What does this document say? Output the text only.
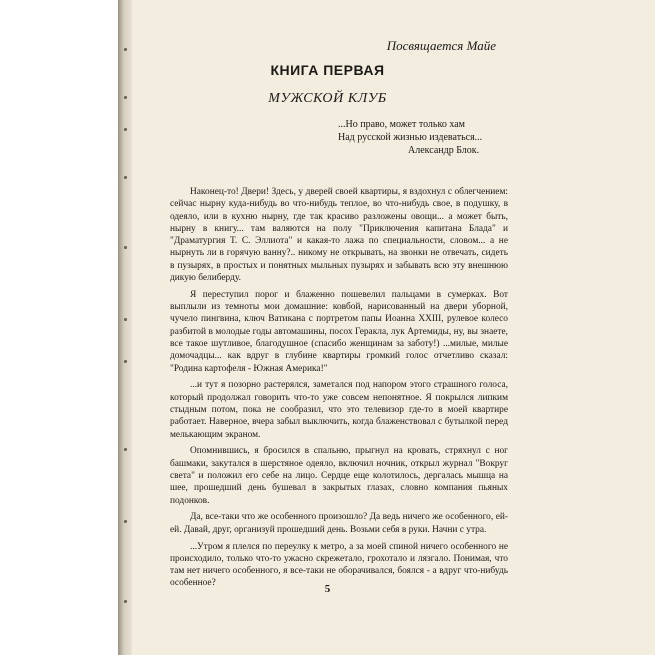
Посвящается Майе
КНИГА ПЕРВАЯ
МУЖСКОЙ КЛУБ
...Но право, может только хам
Над русской жизнью издеваться...
Александр Блок.

Наконец-то! Двери! Здесь, у дверей своей квартиры, я вздохнул с облегчением: сейчас нырну куда-нибудь во что-нибудь теплое, во что-нибудь свое, в подушку, в одеяло, или в кухню нырну, где так красиво разложены овощи... а может быть, нырну в книгу... там валяются на полу "Приключения капитана Блада" и "Драматургия Т. С. Эллиота" и какая-то лажа по специальности, словом... а не нырнуть ли в горячую ванну?.. никому не открывать, на звонки не отвечать, сидеть в пузырях, в простых и понятных мыльных пузырях и забывать всю эту внешнюю дикую белиберду.

Я переступил порог и блаженно пошевелил пальцами в сумерках. Вот выплыли из темноты мои домашние: ковбой, нарисованный на двери уборной, чучело пингвина, ключ Ватикана с портретом папы Иоанна XXIII, рулевое колесо разбитой в молодые годы автомашины, посох Геракла, лук Артемиды, ну, вы знаете, все такое шутливое, благодушное (спасибо женщинам за заботу!) ...милые, милые домочадцы... как вдруг в глубине квартиры громкий голос отчетливо сказал: "Родина картофеля - Южная Америка!"

...и тут я позорно растерялся, заметался под напором этого страшного голоса, который продолжал говорить что-то уже совсем непонятное. Я покрылся липким стыдным потом, пока не сообразил, что это телевизор где-то в моей квартире работает. Наверное, вчера забыл выключить, когда блаженствовал с бутылкой перед мелькающим экраном.

Опомнившись, я бросился в спальню, прыгнул на кровать, стряхнул с ног башмаки, закутался в шерстяное одеяло, включил ночник, открыл журнал "Вокруг света" и положил его себе на лицо. Сердце еще колотилось, дергалась мышца на шее, прошедший день бушевал в закрытых глазах, словно компания пьяных подонков.

Да, все-таки что же особенного произошло? Да ведь ничего же особенного, ей-ей. Давай, друг, организуй прошедший день. Возьми себя в руки. Начни с утра.

...Утром я плелся по переулку к метро, а за моей спиной ничего особенного не происходило, только что-то ужасно скрежетало, грохотало и лязгало. Понимая, что там нет ничего особенного, я все-таки не оборачивался, боялся - а вдруг что-нибудь особенное?	5
